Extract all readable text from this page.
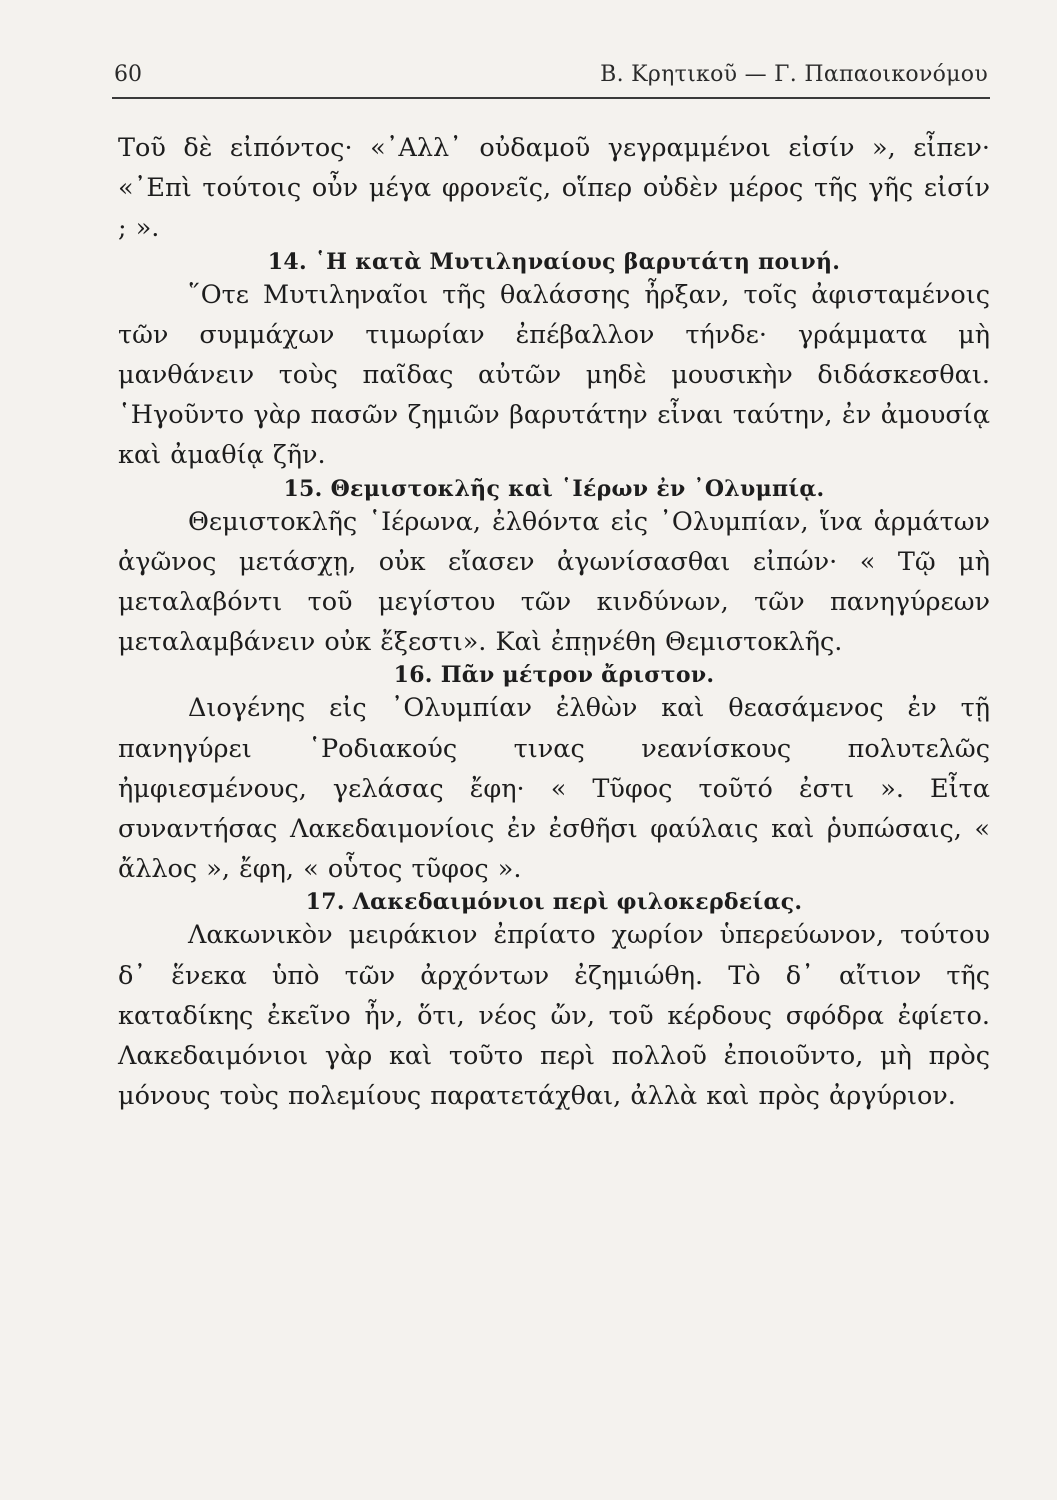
60	Β. Κρητικοῦ — Γ. Παπαοικονόμου

Τοῦ δὲ εἰπόντος· «᾿Αλλ᾿ οὐδαμοῦ γεγραμμένοι εἰσίν », εἶπεν· «᾿Επὶ τούτοις οὖν μέγα φρονεῖς, οἵπερ οὐδὲν μέρος τῆς γῆς εἰσίν ; ».

14. ῾Η κατὰ Μυτιληναίους βαρυτάτη ποινή.

῞Οτε Μυτιληναῖοι τῆς θαλάσσης ἦρξαν, τοῖς ἀφισταμένοις τῶν συμμάχων τιμωρίαν ἐπέβαλλον τήνδε· γράμματα μὴ μανθάνειν τοὺς παῖδας αὐτῶν μηδὲ μουσικὴν διδάσκεσθαι. ῾Ηγοῦντο γὰρ πασῶν ζημιῶν βαρυτάτην εἶναι ταύτην, ἐν ἀμουσίᾳ καὶ ἀμαθίᾳ ζῆν.

15. Θεμιστοκλῆς καὶ ῾Ιέρων ἐν ᾿Ολυμπίᾳ.

Θεμιστοκλῆς ῾Ιέρωνα, ἐλθόντα εἰς ᾿Ολυμπίαν, ἵνα ἁρμάτων ἀγῶνος μετάσχῃ, οὐκ εἴασεν ἀγωνίσασθαι εἰπών· « Τῷ μὴ μεταλαβόντι τοῦ μεγίστου τῶν κινδύνων, τῶν πανηγύρεων μεταλαμβάνειν οὐκ ἔξεστι». Καὶ ἐπῃνέθη Θεμιστοκλῆς.

16. Πᾶν μέτρον ἄριστον.

Διογένης εἰς ᾿Ολυμπίαν ἐλθὼν καὶ θεασάμενος ἐν τῇ πανηγύρει ῾Ροδιακούς τινας νεανίσκους πολυτελῶς ἠμφιεσμένους, γελάσας ἔφη· « Τῦφος τοῦτό ἐστι ». Εἶτα συναντήσας Λακεδαιμονίοις ἐν ἐσθῆσι φαύλαις καὶ ῥυπώσαις, « ἄλλος », ἔφη, « οὗτος τῦφος ».

17. Λακεδαιμόνιοι περὶ φιλοκερδείας.

Λακωνικὸν μειράκιον ἐπρίατο χωρίον ὑπερεύωνον, τούτου δ᾿ ἕνεκα ὑπὸ τῶν ἀρχόντων ἐζημιώθη. Τὸ δ᾿ αἴτιον τῆς καταδίκης ἐκεῖνο ἦν, ὅτι, νέος ὤν, τοῦ κέρδους σφόδρα ἐφίετο. Λακεδαιμόνιοι γὰρ καὶ τοῦτο περὶ πολλοῦ ἐποιοῦντο, μὴ πρὸς μόνους τοὺς πολεμίους παρατετάχθαι, ἀλλὰ καὶ πρὸς ἀργύριον.
